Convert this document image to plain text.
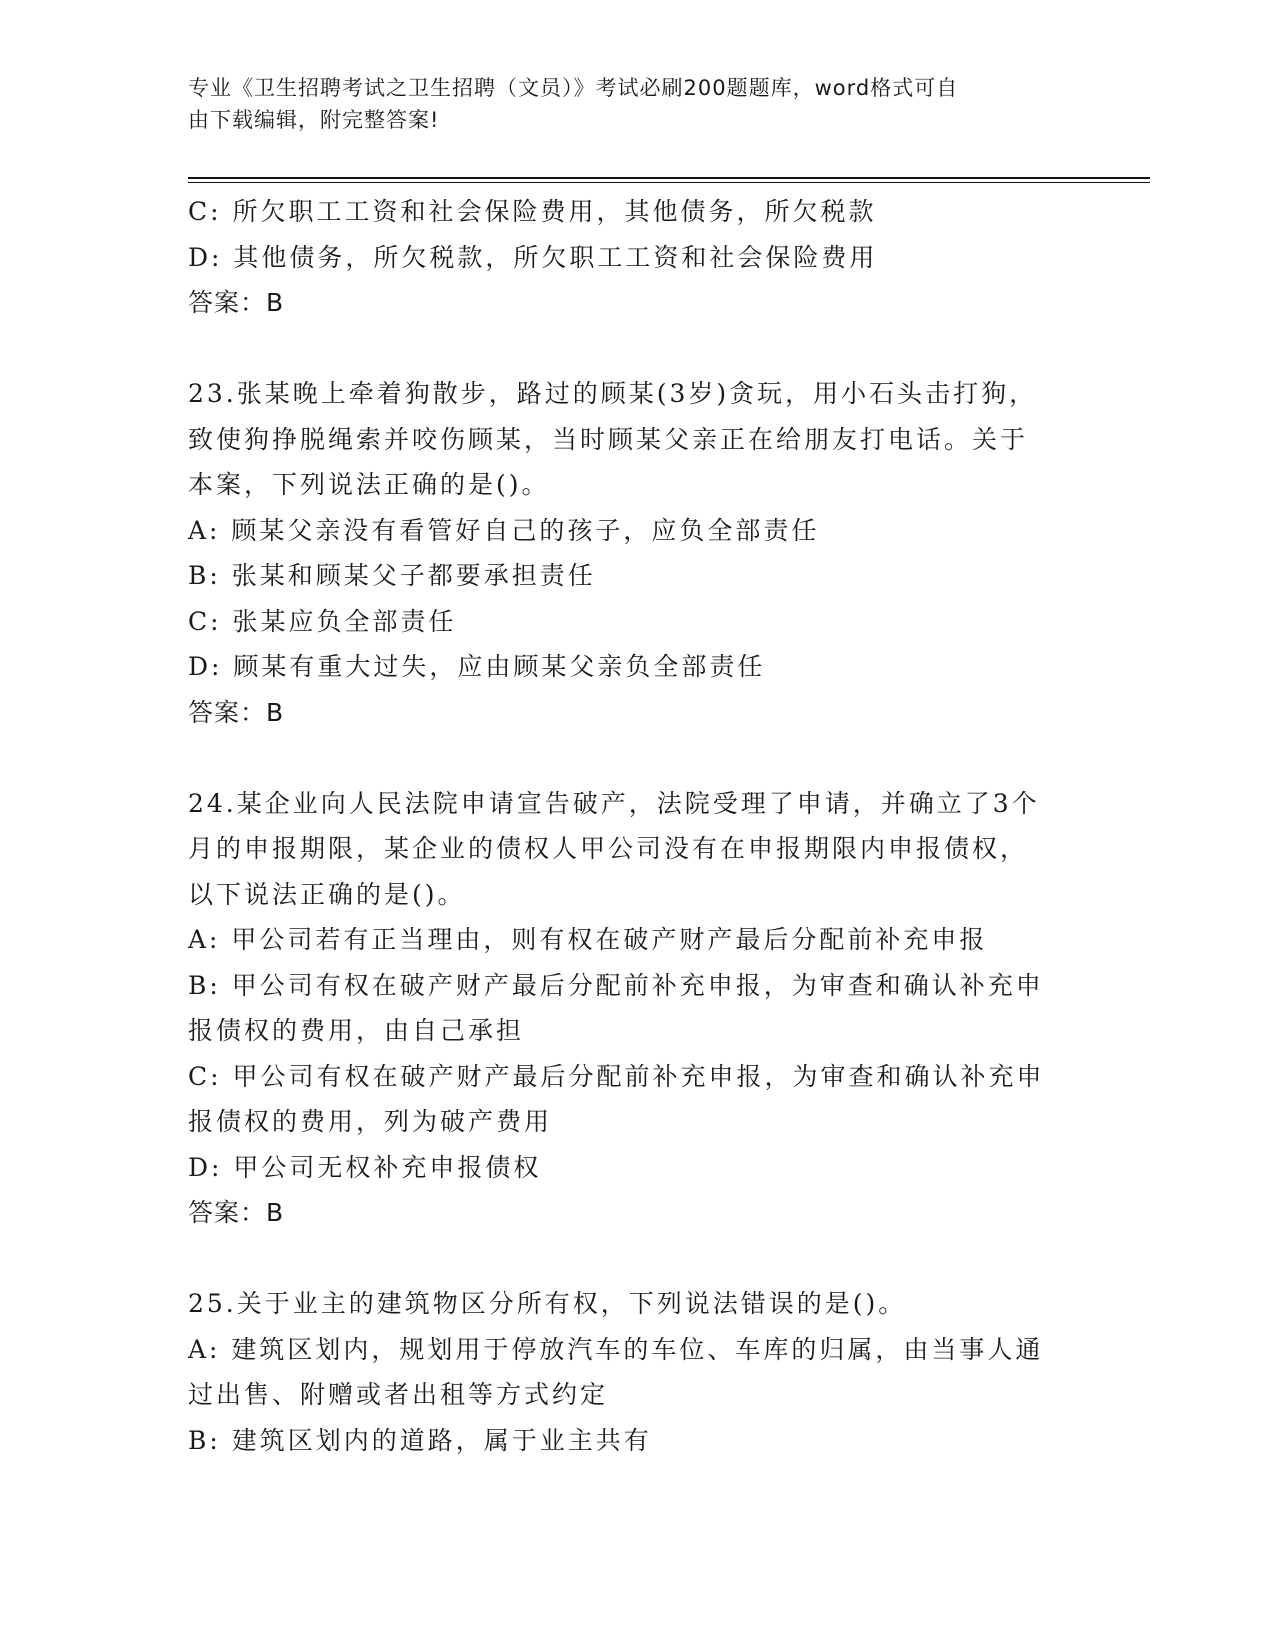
专业《卫生招聘考试之卫生招聘（文员）》考试必刷200题题库，word格式可自
由下载编辑，附完整答案!
C: 所欠职工工资和社会保险费用，其他债务，所欠税款
D: 其他债务，所欠税款，所欠职工工资和社会保险费用
答案：B
23.张某晚上牵着狗散步，路过的顾某(3岁)贪玩，用小石头击打狗，
致使狗挣脱绳索并咬伤顾某，当时顾某父亲正在给朋友打电话。关于
本案，下列说法正确的是()。
A: 顾某父亲没有看管好自己的孩子，应负全部责任
B: 张某和顾某父子都要承担责任
C: 张某应负全部责任
D: 顾某有重大过失，应由顾某父亲负全部责任
答案：B
24.某企业向人民法院申请宣告破产，法院受理了申请，并确立了3个
月的申报期限，某企业的债权人甲公司没有在申报期限内申报债权，
以下说法正确的是()。
A: 甲公司若有正当理由，则有权在破产财产最后分配前补充申报
B: 甲公司有权在破产财产最后分配前补充申报，为审查和确认补充申
报债权的费用，由自己承担
C: 甲公司有权在破产财产最后分配前补充申报，为审查和确认补充申
报债权的费用，列为破产费用
D: 甲公司无权补充申报债权
答案：B
25.关于业主的建筑物区分所有权，下列说法错误的是()。
A: 建筑区划内，规划用于停放汽车的车位、车库的归属，由当事人通
过出售、附赠或者出租等方式约定
B: 建筑区划内的道路，属于业主共有
